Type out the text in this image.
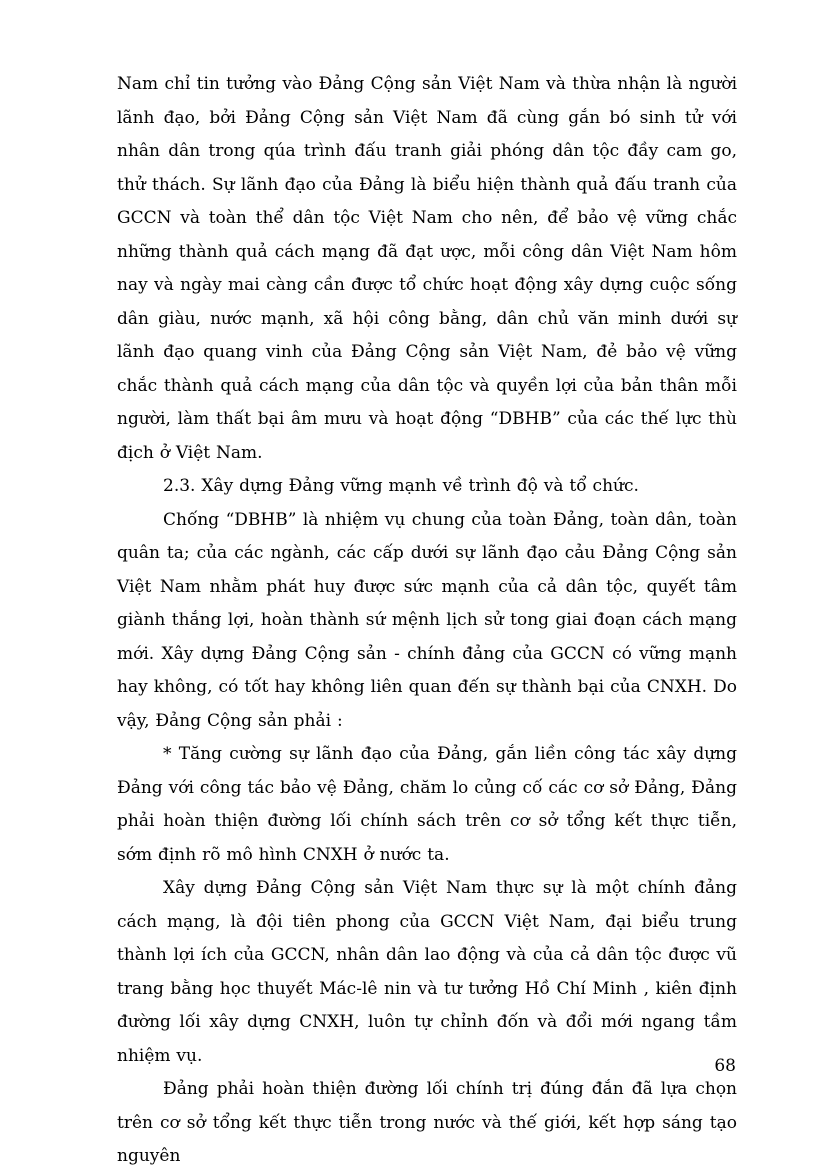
Nam chỉ tin tưởng vào Đảng Cộng sản Việt Nam và thừa nhận là người lãnh đạo, bởi Đảng Cộng sản Việt Nam đã cùng gắn bó sinh tử với nhân dân trong qúa trình đấu tranh giải phóng dân tộc đầy cam go, thử thách. Sự lãnh đạo của Đảng là biểu hiện thành quả đấu tranh của GCCN và toàn thể dân tộc Việt Nam cho nên, để bảo vệ vững chắc những thành quả cách mạng đã đạt ược, mỗi công dân Việt Nam hôm nay và ngày mai càng cần được tổ chức hoạt động xây dựng cuộc sống dân giàu, nước mạnh, xã hội công bằng, dân chủ văn minh dưới sự lãnh đạo quang vinh của Đảng Cộng sản Việt Nam, đẻ bảo vệ vững chắc thành quả cách mạng của dân tộc và quyền lợi của bản thân mỗi người, làm thất bại âm mưu và hoạt động “DBHB” của các thế lực thù địch ở Việt Nam.

2.3. Xây dựng Đảng vững mạnh về trình độ và tổ chức.

Chống “DBHB” là nhiệm vụ chung của toàn Đảng, toàn dân, toàn quân ta; của các ngành, các cấp dưới sự lãnh đạo cảu Đảng Cộng sản Việt Nam nhằm phát huy được sức mạnh của cả dân tộc, quyết tâm giành thắng lợi, hoàn thành sứ mệnh lịch sử tong giai đoạn cách mạng mới. Xây dựng Đảng Cộng sản - chính đảng của GCCN có vững mạnh hay không, có tốt hay không liên quan đến sự thành bại của CNXH. Do vậy, Đảng Cộng sản phải :

* Tăng cường sự lãnh đạo của Đảng, gắn liền công tác xây dựng Đảng với công tác bảo vệ Đảng, chăm lo củng cố các cơ sở Đảng, Đảng phải hoàn thiện đường lối chính sách trên cơ sở tổng kết thực tiễn, sớm định rõ mô hình CNXH ở nước ta.

Xây dựng Đảng Cộng sản Việt Nam thực sự là một chính đảng cách mạng, là đội tiên phong của GCCN Việt Nam, đại biểu trung thành lợi ích của GCCN, nhân dân lao động và của cả dân tộc được vũ trang bằng học thuyết Mác-lê nin và tư tưởng Hồ Chí Minh , kiên định đường lối xây dựng CNXH, luôn tự chỉnh đốn và đổi mới ngang tầm nhiệm vụ.

Đảng phải hoàn thiện đường lối chính trị đúng đắn đã lựa chọn trên cơ sở tổng kết thực tiễn trong nước và thế giới, kết hợp sáng tạo nguyên

68
